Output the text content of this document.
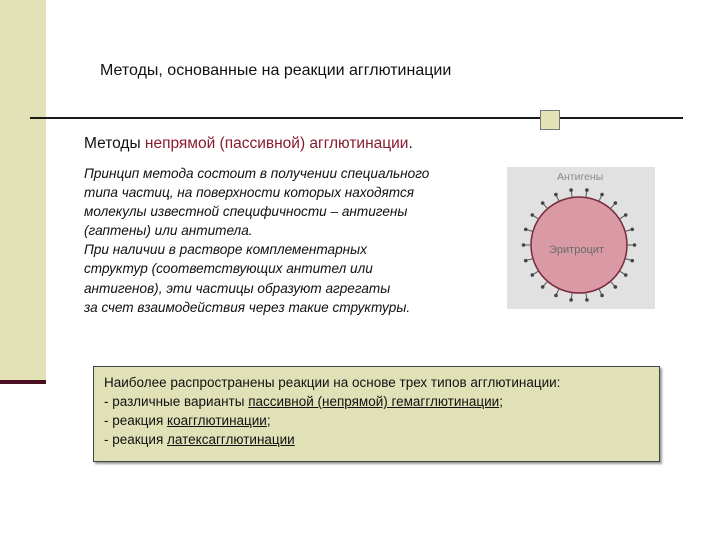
Методы, основанные на реакции агглютинации
Методы непрямой (пассивной) агглютинации.
Принцип метода состоит в получении специального
типа частиц, на поверхности которых находятся
молекулы известной специфичности – антигены
(гаптены) или антитела.
При наличии в растворе комплементарных
структур (соответствующих антител или
антигенов), эти частицы образуют агрегаты
за счет взаимодействия через такие структуры.
Антигены
Эритроцит
Наиболее распространены реакции на основе трех типов агглютинации:
- различные варианты пассивной (непрямой) гемагглютинации;
- реакция коагглютинации;
- реакция латексагглютинации
